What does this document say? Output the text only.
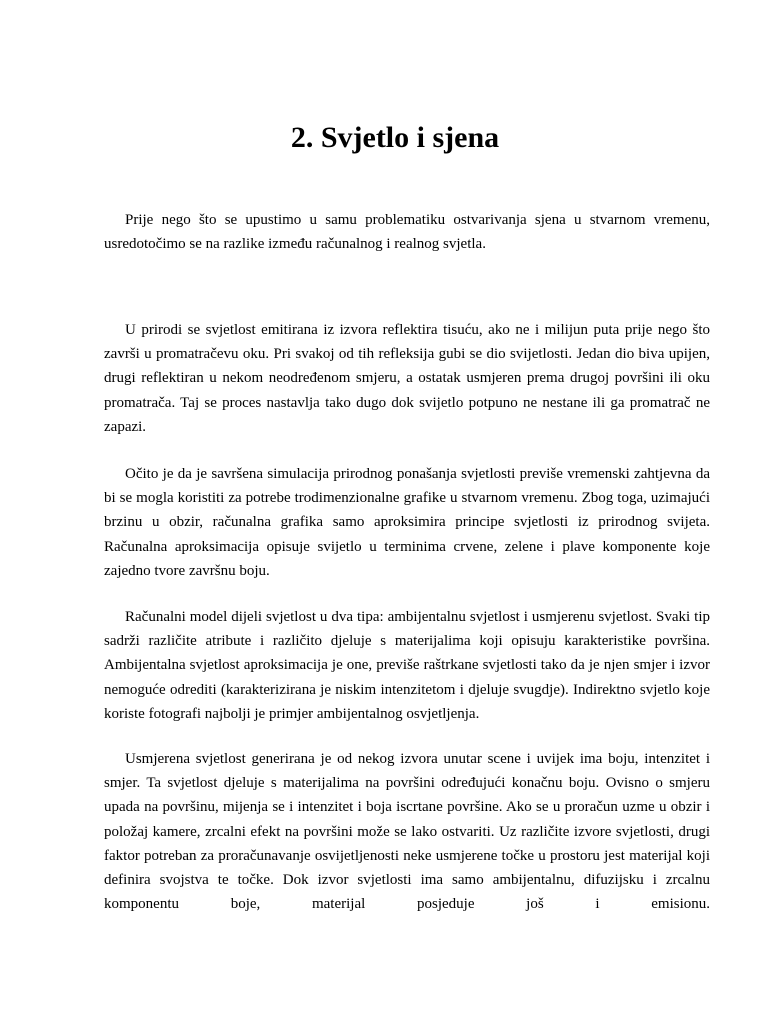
2. Svjetlo i sjena

Prije nego što se upustimo u samu problematiku ostvarivanja sjena u stvarnom vremenu, usredotočimo se na razlike između računalnog i realnog svjetla.

U prirodi se svjetlost emitirana iz izvora reflektira tisuću, ako ne i milijun puta prije nego što završi u promatračevu oku. Pri svakoj od tih refleksija gubi se dio svijetlosti. Jedan dio biva upijen, drugi reflektiran u nekom neodređenom smjeru, a ostatak usmjeren prema drugoj površini ili oku promatrača. Taj se proces nastavlja tako dugo dok svijetlo potpuno ne nestane ili ga promatrač ne zapazi.

Očito je da je savršena simulacija prirodnog ponašanja svjetlosti previše vremenski zahtjevna da bi se mogla koristiti za potrebe trodimenzionalne grafike u stvarnom vremenu. Zbog toga, uzimajući brzinu u obzir, računalna grafika samo aproksimira principe svjetlosti iz prirodnog svijeta. Računalna aproksimacija opisuje svijetlo u terminima crvene, zelene i plave komponente koje zajedno tvore završnu boju.

Računalni model dijeli svjetlost u dva tipa: ambijentalnu svjetlost i usmjerenu svjetlost. Svaki tip sadrži različite atribute i različito djeluje s materijalima koji opisuju karakteristike površina. Ambijentalna svjetlost aproksimacija je one, previše raštrkane svjetlosti tako da je njen smjer i izvor nemoguće odrediti (karakterizirana je niskim intenzitetom i djeluje svugdje). Indirektno svjetlo koje koriste fotografi najbolji je primjer ambijentalnog osvjetljenja.

Usmjerena svjetlost generirana je od nekog izvora unutar scene i uvijek ima boju, intenzitet i smjer. Ta svjetlost djeluje s materijalima na površini određujući konačnu boju. Ovisno o smjeru upada na površinu, mijenja se i intenzitet i boja iscrtane površine. Ako se u proračun uzme u obzir i položaj kamere, zrcalni efekt na površini može se lako ostvariti. Uz različite izvore svjetlosti, drugi faktor potreban za proračunavanje osvijetljenosti neke usmjerene točke u prostoru jest materijal koji definira svojstva te točke. Dok izvor svjetlosti ima samo ambijentalnu, difuzijsku i zrcalnu komponentu boje, materijal posjeduje još i emisionu.
